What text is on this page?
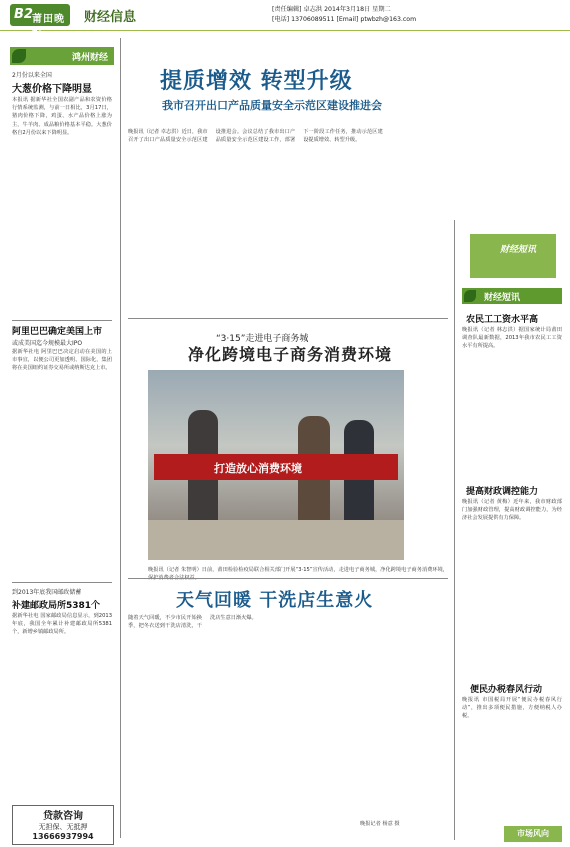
B2 莆田晚报
财经信息
[责任编辑] 卓志洪 2014年3月18日 星期二
[电话] 13706089511 [Email] ptwbzh@163.com
鸿州财经
2月份以来全国
大葱价格下降明显
本报讯 据新华社全国农副产品和农资价格行情系统监测，与前一日相比，3月17日，猪肉价格下降，鸡蛋、水产品价格上涨为主，牛羊肉、成品粮价格基本平稳。大葱价格自2月份以来下降明显。
阿里巴巴确定美国上市
或成美国迄今规模最大IPO
据新华社电 阿里巴巴决定启动在美国的上市事宜，以便公司更加透明、国际化，集团将在美国纽约证券交易所或纳斯达克上市。
到2013年底我国邮政储蓄
补建邮政局所5381个
据新华社电 国家邮政局信息显示，到2013年底，我国全年累计补建邮政局所5381个，新增乡镇邮政局所。
贷款咨询
无担保、无抵押
13666937994
提质增效 转型升级
我市召开出口产品质量安全示范区建设推进会
晚报讯（记者 卓志洪）近日，我市召开了出口产品质量安全示范区建设推进会。会议总结了我市出口产品质量安全示范区建设工作，部署下一阶段工作任务，推动示范区建设提质增效、转型升级。
财经短讯
“3·15”走进电子商务城
净化跨境电子商务消费环境
打造放心消费环境
晚报讯（记者 朱智明）日前，莆田检验检疫局联合相关部门开展“3·15”宣传活动，走进电子商务城，净化跨境电子商务消费环境，
天气回暖 干洗店生意火
随着天气回暖，不少市民开始换季，把冬衣送到干洗店清洗，干洗店生意日渐火爆。
晚报记者 杨意 摄
财经短讯
农民工工资水平高
晚报讯（记者 林志洪）据国家统计局莆田调查队最新数据，2013年我市农民工工资水平有所提高。
提高财政调控能力
晚报讯（记者 黄梅）近年来，我市财政部门加强财政管理，提高财政调控能力，为经济社会发展提供有力保障。
便民办税春风行动
晚报讯 市国税局开展“便民办税春风行动”，推出多项便民措施，方便纳税人办税。
市场风向
